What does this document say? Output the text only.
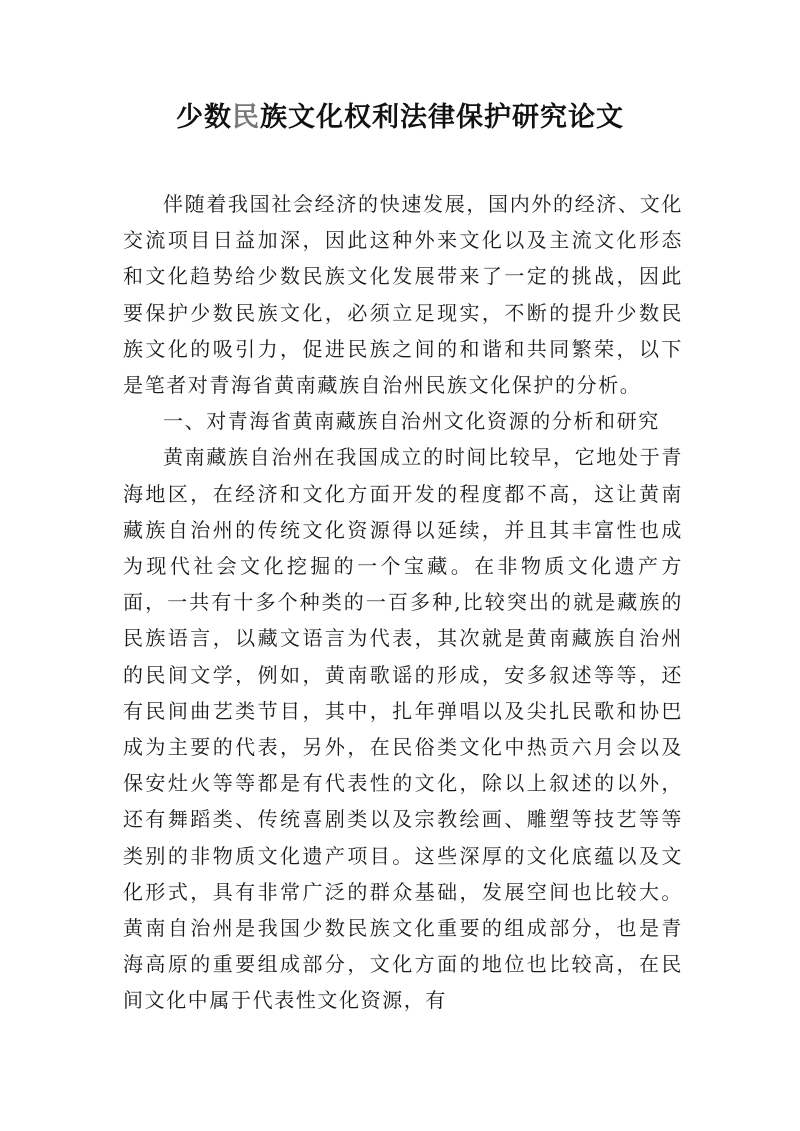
少数民族文化权利法律保护研究论文

伴随着我国社会经济的快速发展，国内外的经济、文化交流项目日益加深，因此这种外来文化以及主流文化形态和文化趋势给少数民族文化发展带来了一定的挑战，因此要保护少数民族文化，必须立足现实，不断的提升少数民族文化的吸引力，促进民族之间的和谐和共同繁荣，以下是笔者对青海省黄南藏族自治州民族文化保护的分析。

一、对青海省黄南藏族自治州文化资源的分析和研究

黄南藏族自治州在我国成立的时间比较早，它地处于青海地区，在经济和文化方面开发的程度都不高，这让黄南藏族自治州的传统文化资源得以延续，并且其丰富性也成为现代社会文化挖掘的一个宝藏。在非物质文化遗产方面，一共有十多个种类的一百多种,比较突出的就是藏族的民族语言，以藏文语言为代表，其次就是黄南藏族自治州的民间文学，例如，黄南歌谣的形成，安多叙述等等，还有民间曲艺类节目，其中，扎年弹唱以及尖扎民歌和协巴成为主要的代表，另外，在民俗类文化中热贡六月会以及保安灶火等等都是有代表性的文化，除以上叙述的以外，还有舞蹈类、传统喜剧类以及宗教绘画、雕塑等技艺等等类别的非物质文化遗产项目。这些深厚的文化底蕴以及文化形式，具有非常广泛的群众基础，发展空间也比较大。黄南自治州是我国少数民族文化重要的组成部分，也是青海高原的重要组成部分，文化方面的地位也比较高，在民间文化中属于代表性文化资源，有
